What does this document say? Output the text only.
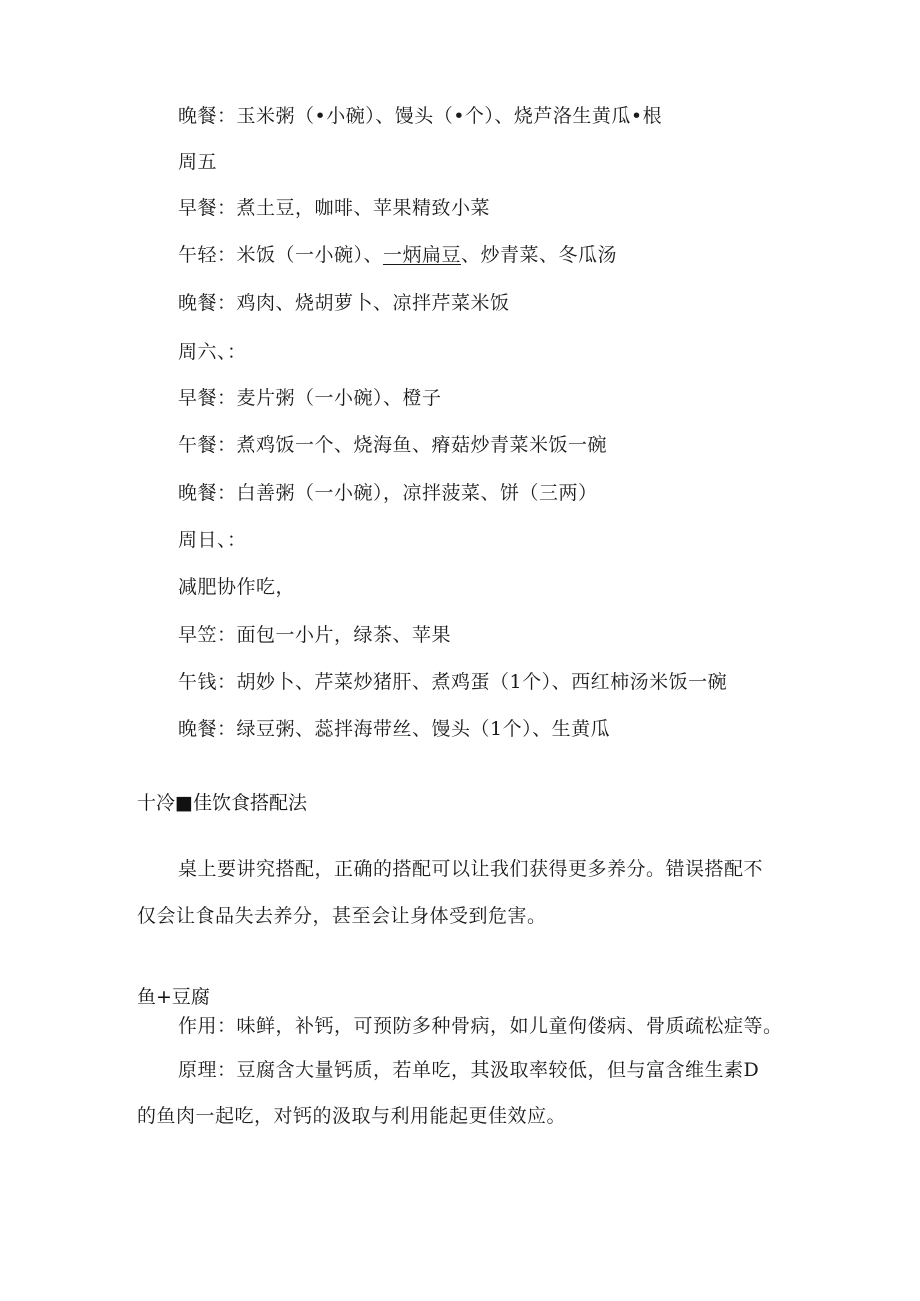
晚餐：玉米粥（•小碗）、馒头（•个）、烧芦洛生黄瓜•根
周五
早餐：煮土豆，咖啡、苹果精致小菜
午轻：米饭（一小碗）、一炳扁豆、炒青菜、冬瓜汤
晚餐：鸡肉、烧胡萝卜、凉拌芹菜米饭
周六、：
早餐：麦片粥（一小碗）、橙子
午餐：煮鸡饭一个、烧海鱼、瘠菇炒青菜米饭一碗
晚餐：白善粥（一小碗），凉拌菠菜、饼（三两）
周日、：
减肥协作吃，
早笠：面包一小片，绿茶、苹果
午钱：胡妙卜、芹菜炒猪肝、煮鸡蛋（1个）、西红柿汤米饭一碗
晚餐：绿豆粥、蕊拌海带丝、馒头（1个）、生黄瓜
十冷■佳饮食搭配法
桌上要讲究搭配，正确的搭配可以让我们获得更多养分。错误搭配不
仅会让食品失去养分，甚至会让身体受到危害。
鱼+豆腐
作用：味鲜，补钙，可预防多种骨病，如儿童佝偻病、骨质疏松症等。
原理：豆腐含大量钙质，若单吃，其汲取率较低，但与富含维生素D
的鱼肉一起吃，对钙的汲取与利用能起更佳效应。
